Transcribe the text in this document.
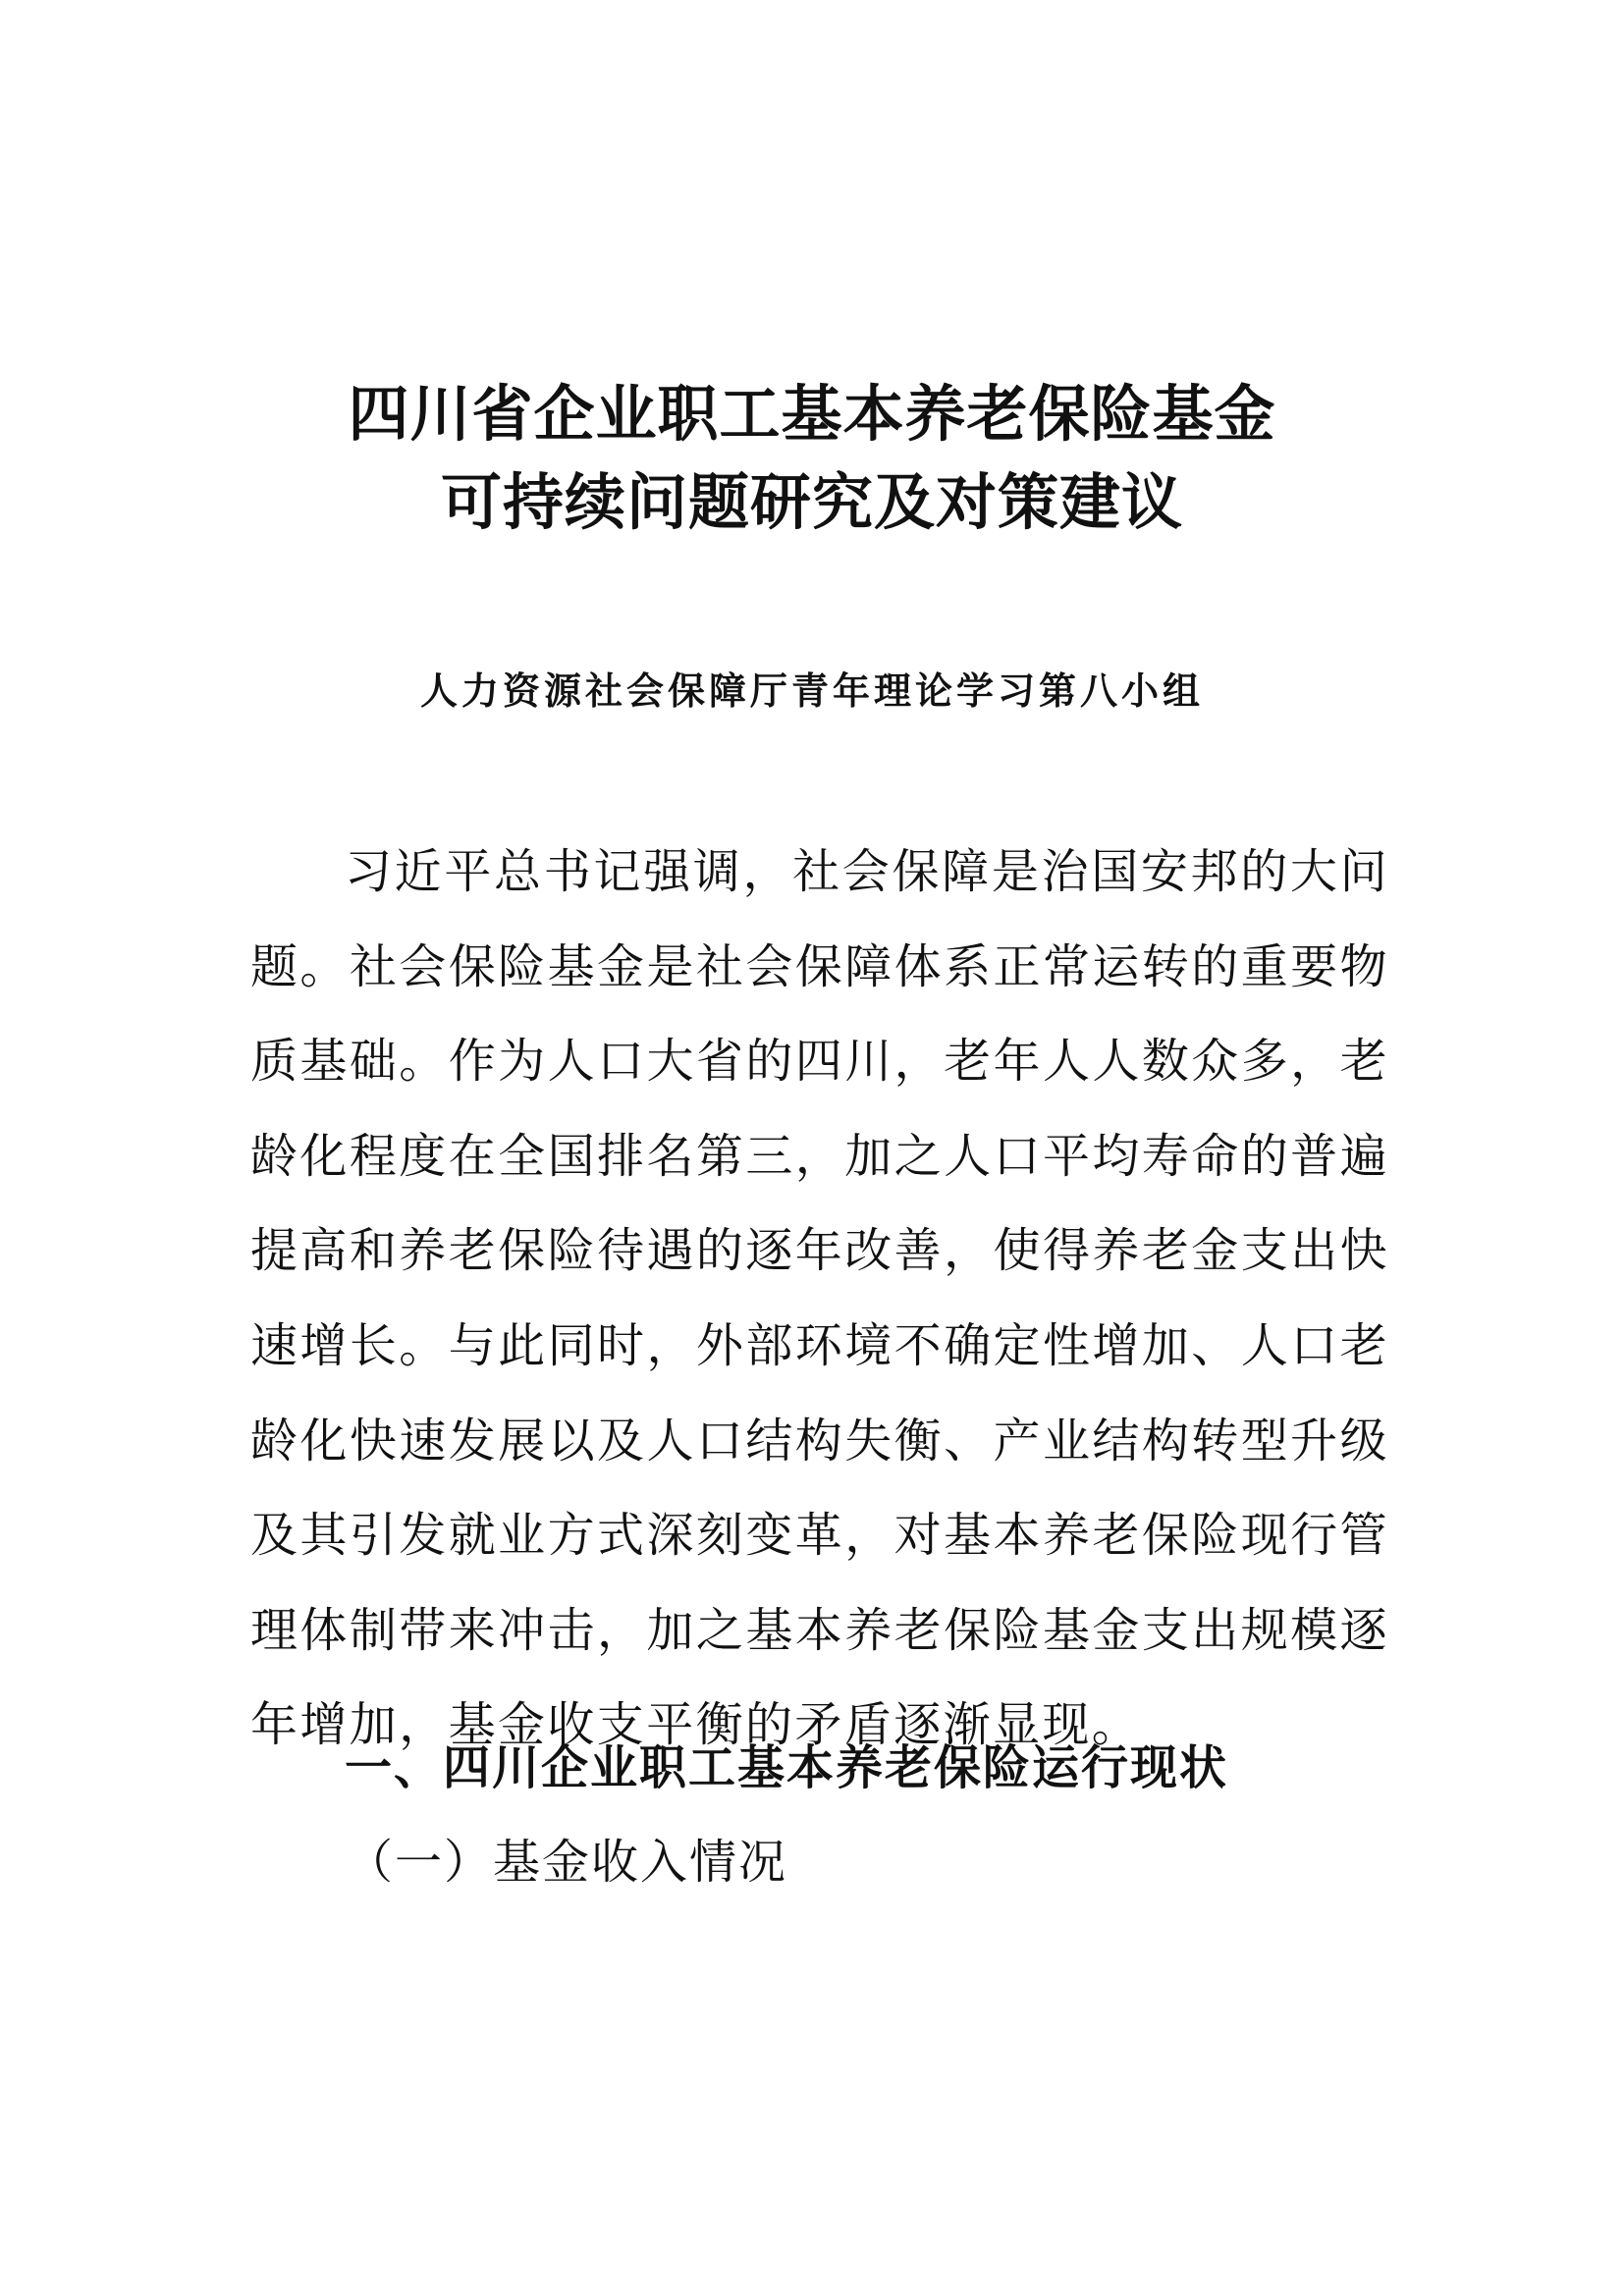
四川省企业职工基本养老保险基金
可持续问题研究及对策建议
人力资源社会保障厅青年理论学习第八小组

习近平总书记强调，社会保障是治国安邦的大问题。社会保险基金是社会保障体系正常运转的重要物质基础。作为人口大省的四川，老年人人数众多，老龄化程度在全国排名第三，加之人口平均寿命的普遍提高和养老保险待遇的逐年改善，使得养老金支出快速增长。与此同时，外部环境不确定性增加、人口老龄化快速发展以及人口结构失衡、产业结构转型升级及其引发就业方式深刻变革，对基本养老保险现行管理体制带来冲击，加之基本养老保险基金支出规模逐年增加，基金收支平衡的矛盾逐渐显现。

一、四川企业职工基本养老保险运行现状
（一）基金收入情况
